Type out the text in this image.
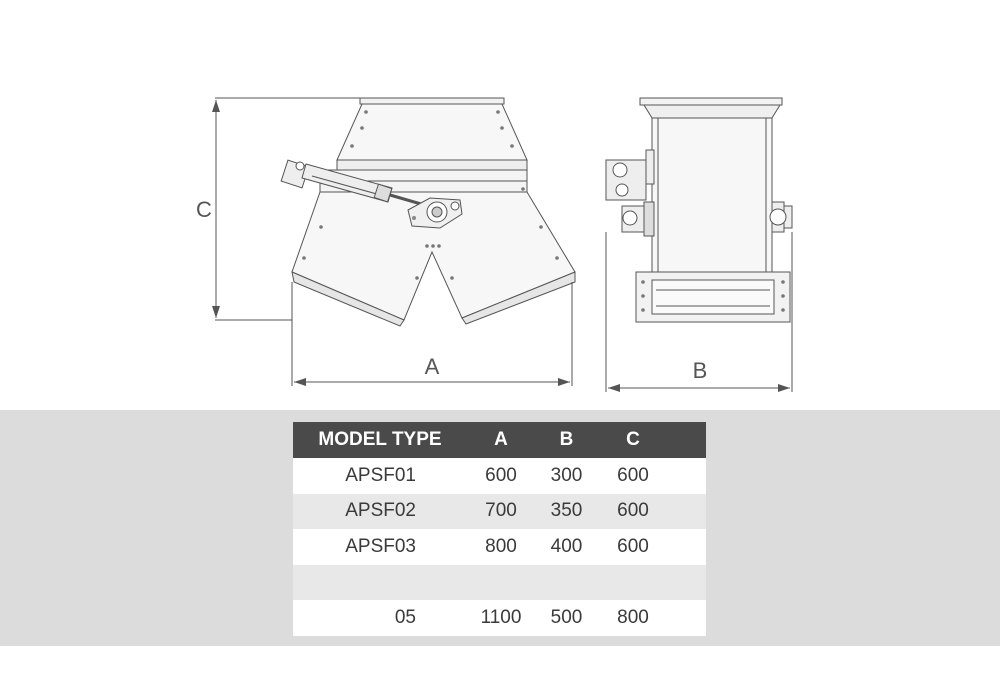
C
A	B
MODEL TYPE	A	B	C	
APSF01	600	300	600	
APSF02	700	350	600	
APSF03	800	400	600	

05	1100	500	800	
